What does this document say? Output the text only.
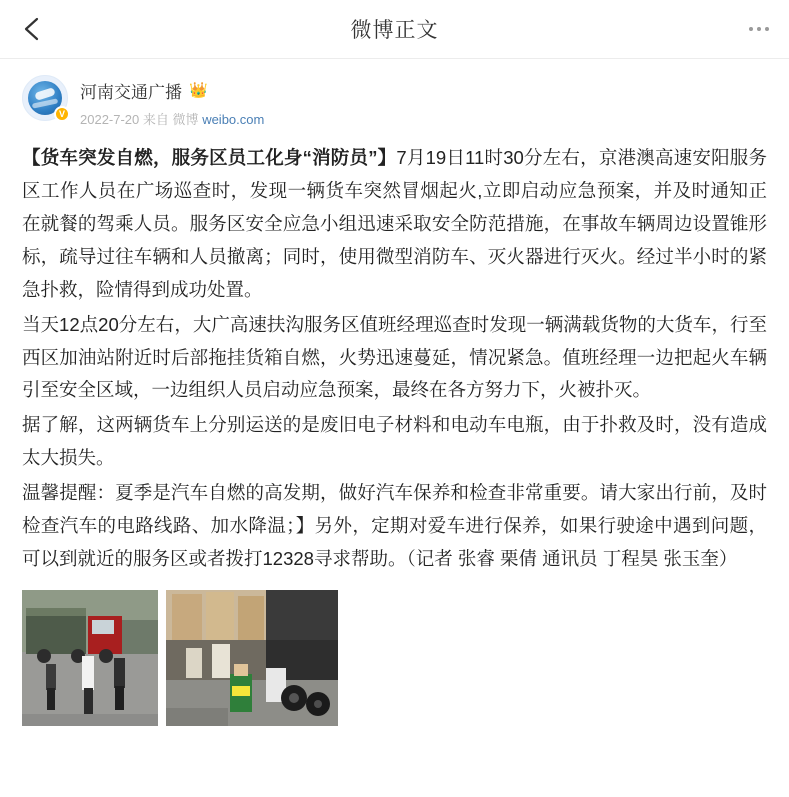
微博正文
V
河南交通广播 👑
2022-7-20 来自 微博 weibo.com

【货车突发自燃，服务区员工化身“消防员”】7月19日11时30分左右，京港澳高速安阳服务区工作人员在广场巡查时，发现一辆货车突然冒烟起火,立即启动应急预案，并及时通知正在就餐的驾乘人员。服务区安全应急小组迅速采取安全防范措施，在事故车辆周边设置锥形标，疏导过往车辆和人员撤离；同时，使用微型消防车、灭火器进行灭火。经过半小时的紧急扑救，险情得到成功处置。

当天12点20分左右，大广高速扶沟服务区值班经理巡查时发现一辆满载货物的大货车，行至西区加油站附近时后部拖挂货箱自燃，火势迅速蔓延，情况紧急。值班经理一边把起火车辆引至安全区域，一边组织人员启动应急预案，最终在各方努力下，火被扑灭。

据了解，这两辆货车上分别运送的是废旧电子材料和电动车电瓶，由于扑救及时，没有造成太大损失。

温馨提醒：夏季是汽车自燃的高发期，做好汽车保养和检查非常重要。请大家出行前，及时检查汽车的电路线路、加水降温；】另外，定期对爱车进行保养，如果行驶途中遇到问题，可以到就近的服务区或者拨打12328寻求帮助。（记者 张睿 栗倩 通讯员 丁程昊 张玉奎）
